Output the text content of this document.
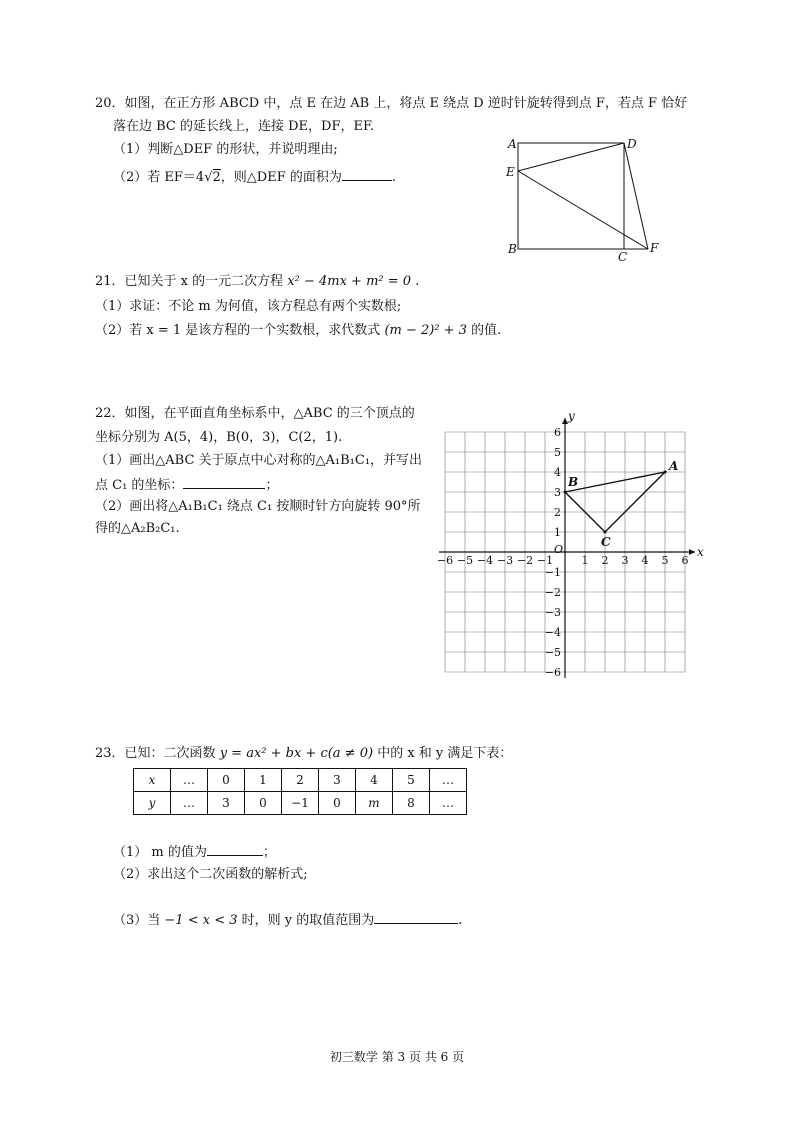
20．如图，在正方形 ABCD 中，点 E 在边 AB 上，将点 E 绕点 D 逆时针旋转得到点 F，若点 F 恰好
落在边 BC 的延长线上，连接 DE，DF，EF.
（1）判断△DEF 的形状，并说明理由;
（2）若 EF＝4√2，则△DEF 的面积为	.
A	D
E
B
C
F
21．已知关于 x 的一元二次方程 x² − 4mx + m² = 0 .
（1）求证：不论 m 为何值，该方程总有两个实数根;
（2）若 x = 1 是该方程的一个实数根，求代数式 (m − 2)² + 3 的值.
22．如图，在平面直角坐标系中，△ABC 的三个顶点的
坐标分别为 A(5，4)，B(0，3)，C(2，1).
（1）画出△ABC 关于原点中心对称的△A₁B₁C₁，并写出
点 C₁ 的坐标：	；
（2）画出将△A₁B₁C₁ 绕点 C₁ 按顺时针方向旋转 90°所
得的△A₂B₂C₁.
x
y
O
−6 −5 −4 −3 −2 −1	1 2 3 4 5 6
6
5
4
3
2
1
−1
−2
−3
−4
−5
−6
A
B
C
23．已知：二次函数 y = ax² + bx + c(a ≠ 0) 中的 x 和 y 满足下表：
x	…	0	1	2	3	4	5	…
y	…	3	0	−1	0	m	8	…
（1） m 的值为	；
（2）求出这个二次函数的解析式;
（3）当 −1 < x < 3 时，则 y 的取值范围为	.
初三数学 第 3 页 共 6 页
